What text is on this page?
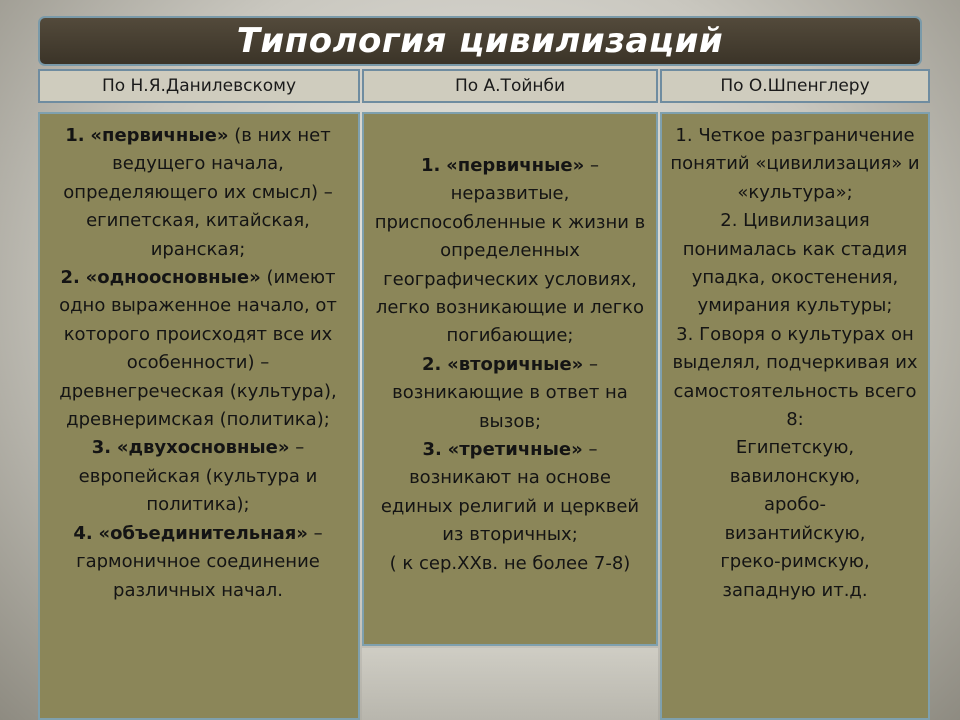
Типология цивилизаций
По Н.Я.Данилевскому	По А.Тойнби	По О.Шпенглеру
1. «первичные» (в них нет ведущего начала, определяющего их смысл) – египетская, китайская, иранская;
2. «одноосновные» (имеют одно выраженное начало, от которого происходят все их особенности) – древнегреческая (культура), древнеримская (политика);
3. «двухосновные» – европейская (культура и политика);
4. «объединительная» – гармоничное соединение различных начал.
1. «первичные» – неразвитые, приспособленные к жизни в определенных географических условиях, легко возникающие и легко погибающие;
2. «вторичные» – возникающие в ответ на вызов;
3. «третичные» – возникают на основе единых религий и церквей из вторичных;
( к сер.XXв. не более 7-8)
1. Четкое разграничение понятий «цивилизация» и «культура»;
2. Цивилизация понималась как стадия упадка, окостенения, умирания культуры;
3. Говоря о культурах он выделял, подчеркивая их самостоятельность всего 8:
Египетскую,
вавилонскую,
аробо-
византийскую,
греко-римскую,
западную ит.д.
